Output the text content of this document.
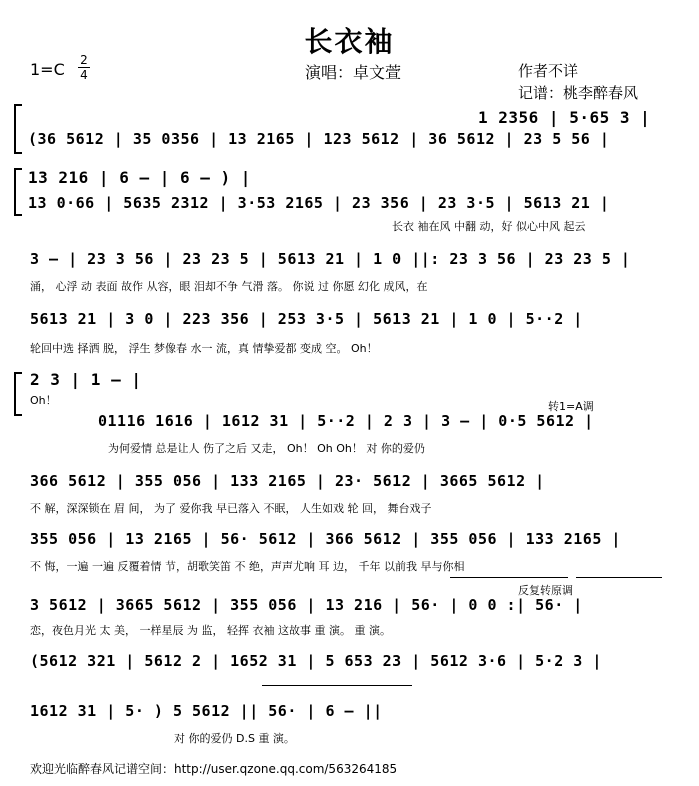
长衣袖
1=C 2
4	演唱：卓文萱	作者不详
记谱：桃李醉春风
1 2356 | 5·65 3 |
(36 5612 | 35 0356 | 13 2165 | 123 5612 | 36 5612 | 23 5 56 |
13 216 | 6 – | 6 – ) |
13 0·66 | 5635 2312 | 3·53 2165 | 23 356 | 23 3·5 | 5613 21 |
长衣 袖在风 中翻 动，好 似心中风 起云
3 – | 23 3 56 | 23 23 5 | 5613 21 | 1 0 ||: 23 3 56 | 23 23 5 |
涌， 心浮 动 表面 故作 从容，眼 泪却不争 气滑 落。 你说 过 你愿 幻化 成风，在
5613 21 | 3 0 | 223 356 | 253 3·5 | 5613 21 | 1 0 | 5··2 |
轮回中选 择洒 脱， 浮生 梦像春 水一 流，真 情挚爱都 变成 空。 Oh！
2 3 | 1 – |
Oh！	转1=A调
01116 1616 | 1612 31 | 5··2 | 2 3 | 3 – | 0·5 5612 |
为何爱情 总是让人 伤了之后 又走， Oh！ Oh Oh！ 对 你的爱仍
366 5612 | 355 056 | 133 2165 | 23· 5612 | 3665 5612 |
不 解，深深锁在 眉 间， 为了 爱你我 早已落入 不眠， 人生如戏 轮 回， 舞台戏子
355 056 | 13 2165 | 56· 5612 | 366 5612 | 355 056 | 133 2165 |
不 悔，一遍 一遍 反覆着情 节，胡歌笑笛 不 绝，声声尤响 耳 边， 千年 以前我 早与你相
反复转原调
3 5612 | 3665 5612 | 355 056 | 13 216 | 56· | 0 0 :| 56· |
恋，夜色月光 太 美， 一样星辰 为 监， 轻挥 衣袖 这故事 重 演。 重 演。
(5612 321 | 5612 2 | 1652 31 | 5 653 23 | 5612 3·6 | 5·2 3 |
1612 31 | 5· ) 5 5612 || 56· | 6 – ||
对 你的爱仍 D.S 重 演。
欢迎光临醉春风记谱空间：http://user.qzone.qq.com/563264185
